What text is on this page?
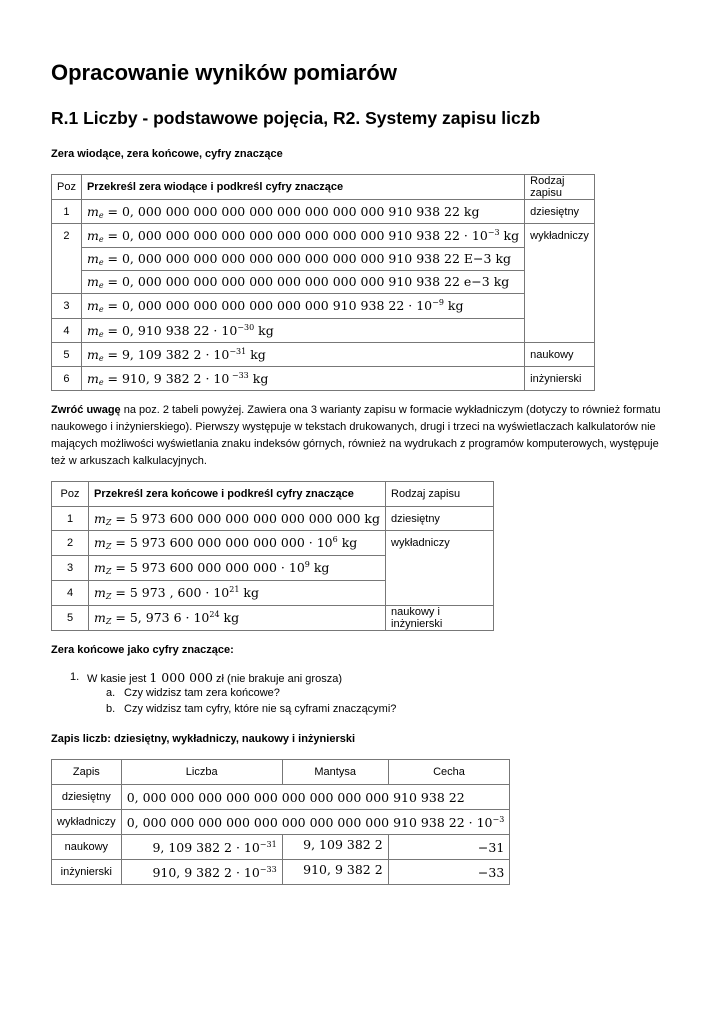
Opracowanie wyników pomiarów
R.1 Liczby - podstawowe pojęcia, R2. Systemy zapisu liczb
Zera wiodące, zera końcowe, cyfry znaczące
Poz	Przekreśl zera wiodące i podkreśl cyfry znaczące	Rodzaj zapisu
1	$m_e = 0$, 000 000 000 000 000 000 000 000 000 910 938 22 kg	dziesiętny
2	$m_e = 0$, 000 000 000 000 000 000 000 000 000 910 938 $22 \cdot 10^{-3}$ kg	wykładniczy
	$m_e = 0$, 000 000 000 000 000 000 000 000 000 910 938 22 E−3 kg	
	$m_e = 0$, 000 000 000 000 000 000 000 000 000 910 938 22 e−3 kg	
3	$m_e = 0$, 000 000 000 000 000 000 000 910 938 $22 \cdot 10^{-9}$ kg	
4	$m_e = 0$, 910 938 $22 \cdot 10^{-30}$ kg	
5	$m_e = 9$, 109 382 $2 \cdot 10^{-31}$ kg	naukowy
6	$m_e = 910$, 9 382 2 · 10 $^{-33}$ kg	inżynierski
Zwróć uwagę na poz. 2 tabeli powyżej. Zawiera ona 3 warianty zapisu w formacie wykładniczym (dotyczy to również formatu naukowego i inżynierskiego). Pierwszy występuje w tekstach drukowanych, drugi i trzeci na wyświetlaczach kalkulatorów nie mających możliwości wyświetlania znaku indeksów górnych, również na wydrukach z programów komputerowych, występuje też w arkuszach kalkulacyjnych.
Poz	Przekreśl zera końcowe i podkreśl cyfry znaczące	Rodzaj zapisu
1	$m_Z = 5$ 973 600 000 000 000 000 000 000 kg	dziesiętny
2	$m_Z = 5$ 973 600 000 000 000 $000 \cdot 10^6$ kg	wykładniczy
3	$m_Z = 5$ 973 600 000 000 $000 \cdot 10^9$ kg	
4	$m_Z = 5$ 973 , $600 \cdot 10^{21}$ kg	
5	$m_Z = 5$, 973 $6 \cdot 10^{24}$ kg	naukowy i inżynierski
Zera końcowe jako cyfry znaczące:
1. W kasie jest 1 000 000 zł (nie brakuje ani grosza)
a. Czy widzisz tam zera końcowe?
b. Czy widzisz tam cyfry, które nie są cyframi znaczącymi?
Zapis liczb: dziesiętny, wykładniczy, naukowy i inżynierski
Zapis	Liczba	Mantysa	Cecha
dziesiętny	0, 000 000 000 000 000 000 000 000 000 910 938 22		
wykładniczy	0, 000 000 000 000 000 000 000 000 000 910 938 $22 \cdot 10^{-3}$
naukowy	9, 109 382 $2 \cdot 10^{-31}$	9, 109 382 2	−31
inżynierski	910, 9 382 $2 \cdot 10^{-33}$	910, 9 382 2	−33
